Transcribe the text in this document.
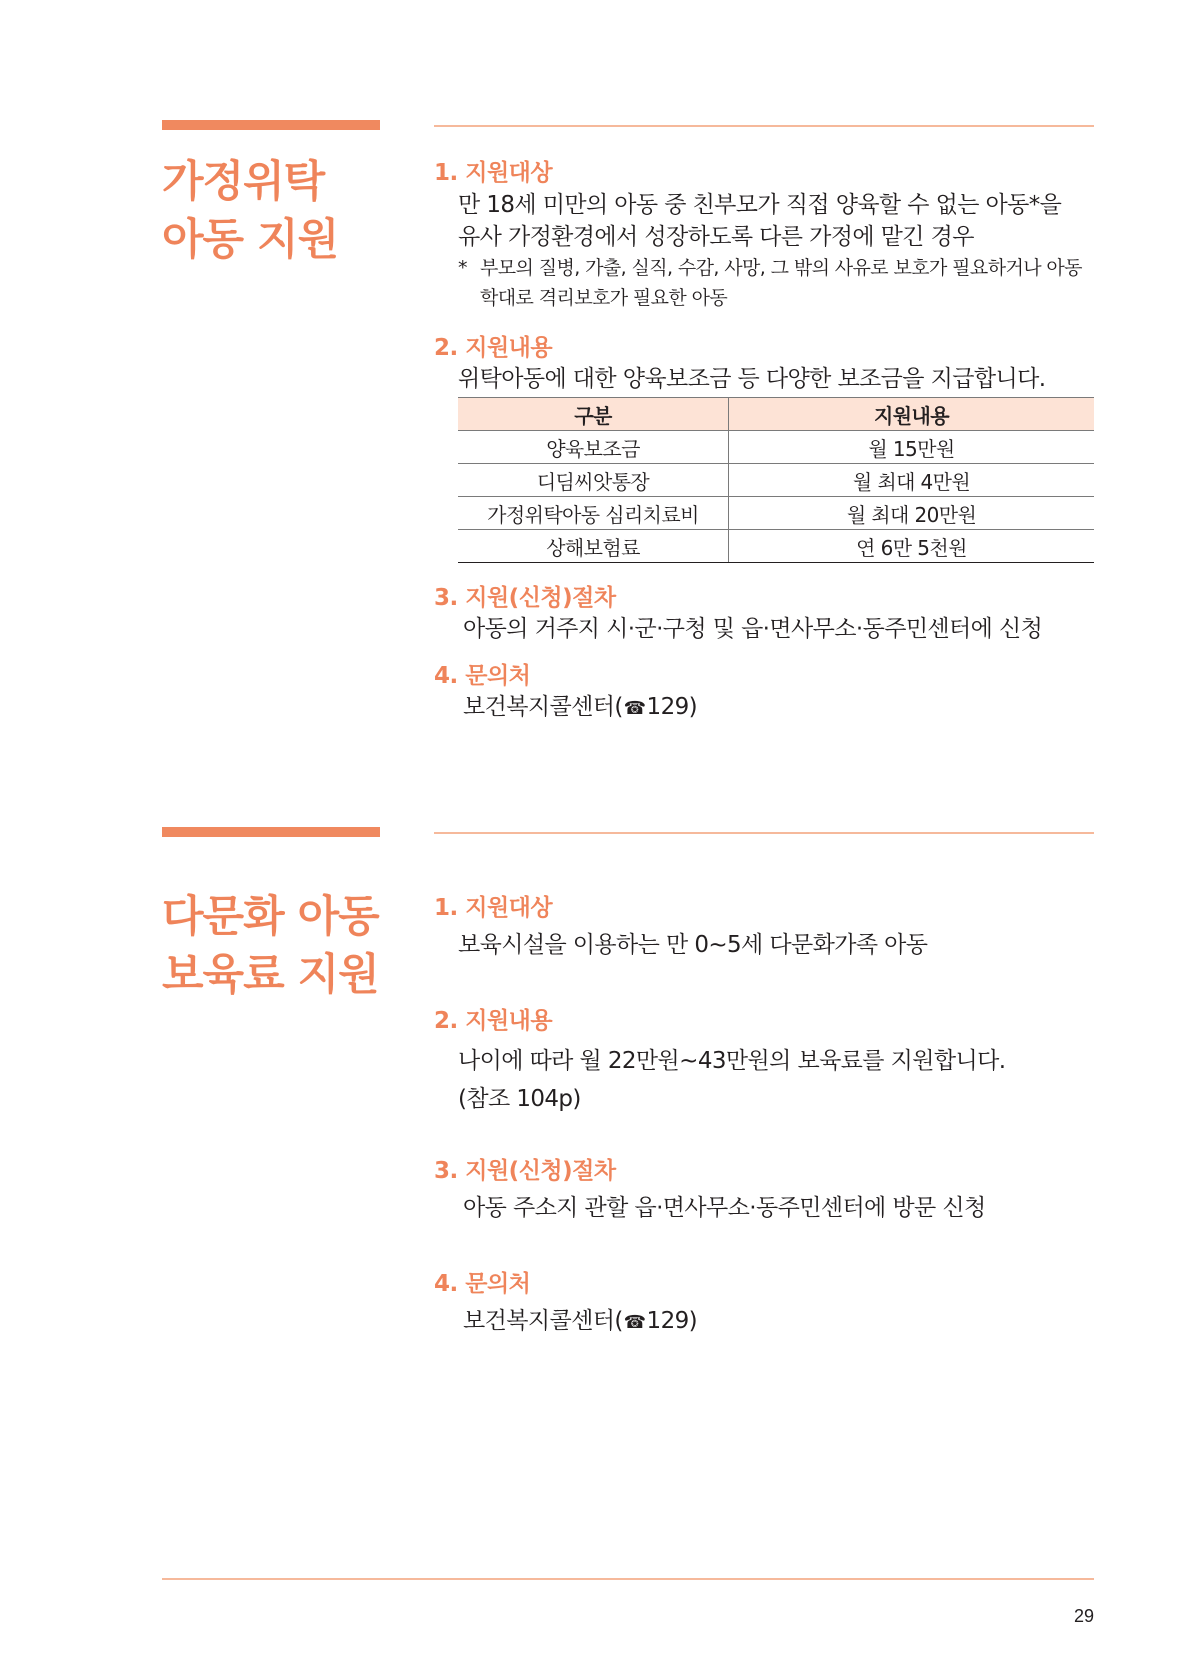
가정위탁
아동 지원
1. 지원대상

만 18세 미만의 아동 중 친부모가 직접 양육할 수 없는 아동*을

유사 가정환경에서 성장하도록 다른 가정에 맡긴 경우

* 부모의 질병, 가출, 실직, 수감, 사망, 그 밖의 사유로 보호가 필요하거나 아동학대로 격리보호가 필요한 아동

2. 지원내용

위탁아동에 대한 양육보조금 등 다양한 보조금을 지급합니다.

구분	지원내용
양육보조금	월 15만원
디딤씨앗통장	월 최대 4만원
가정위탁아동 심리치료비	월 최대 20만원
상해보험료	연 6만 5천원
3. 지원(신청)절차

아동의 거주지 시·군·구청 및 읍·면사무소·동주민센터에 신청

4. 문의처

보건복지콜센터(☎129)

다문화 아동
보육료 지원
1. 지원대상

보육시설을 이용하는 만 0~5세 다문화가족 아동

2. 지원내용

나이에 따라 월 22만원~43만원의 보육료를 지원합니다.

(참조 104p)

3. 지원(신청)절차

아동 주소지 관할 읍·면사무소·동주민센터에 방문 신청

4. 문의처

보건복지콜센터(☎129)

29
